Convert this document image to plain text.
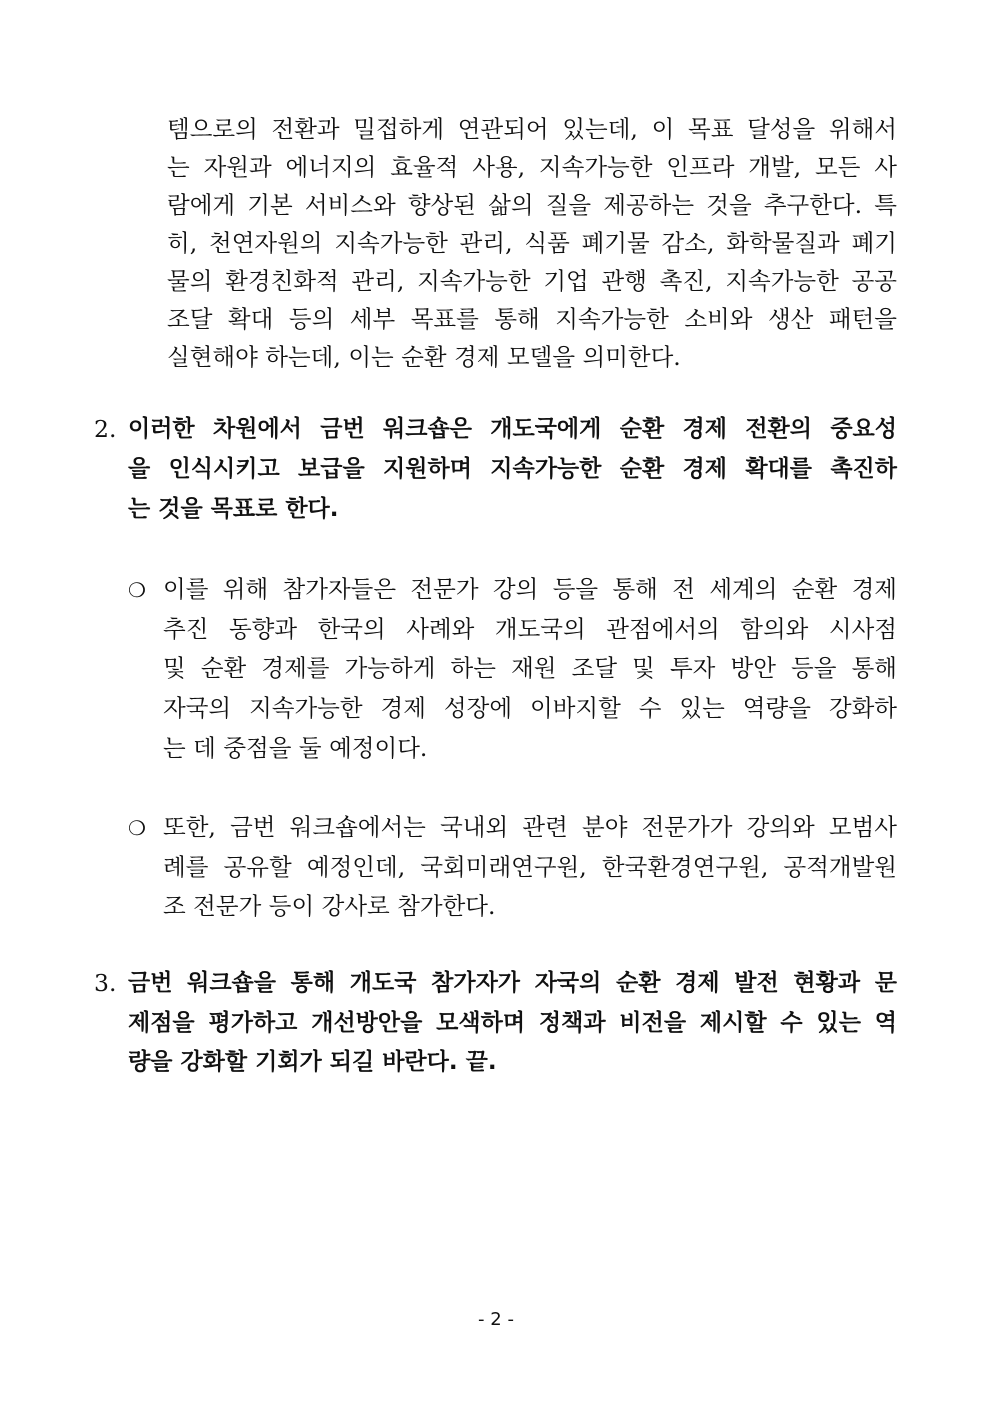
템으로의 전환과 밀접하게 연관되어 있는데, 이 목표 달성을 위해서
는 자원과 에너지의 효율적 사용, 지속가능한 인프라 개발, 모든 사
람에게 기본 서비스와 향상된 삶의 질을 제공하는 것을 추구한다. 특
히, 천연자원의 지속가능한 관리, 식품 폐기물 감소, 화학물질과 폐기
물의 환경친화적 관리, 지속가능한 기업 관행 촉진, 지속가능한 공공
조달 확대 등의 세부 목표를 통해 지속가능한 소비와 생산 패턴을
실현해야 하는데, 이는 순환 경제 모델을 의미한다.
2. 이러한 차원에서 금번 워크숍은 개도국에게 순환 경제 전환의 중요성
을 인식시키고 보급을 지원하며 지속가능한 순환 경제 확대를 촉진하
는 것을 목표로 한다.
❍ 이를 위해 참가자들은 전문가 강의 등을 통해 전 세계의 순환 경제
추진 동향과 한국의 사례와 개도국의 관점에서의 함의와 시사점
및 순환 경제를 가능하게 하는 재원 조달 및 투자 방안 등을 통해
자국의 지속가능한 경제 성장에 이바지할 수 있는 역량을 강화하
는 데 중점을 둘 예정이다.
❍ 또한, 금번 워크숍에서는 국내외 관련 분야 전문가가 강의와 모범사
례를 공유할 예정인데, 국회미래연구원, 한국환경연구원, 공적개발원
조 전문가 등이 강사로 참가한다.
3. 금번 워크숍을 통해 개도국 참가자가 자국의 순환 경제 발전 현황과 문
제점을 평가하고 개선방안을 모색하며 정책과 비전을 제시할 수 있는 역
량을 강화할 기회가 되길 바란다. 끝.
- 2 -
